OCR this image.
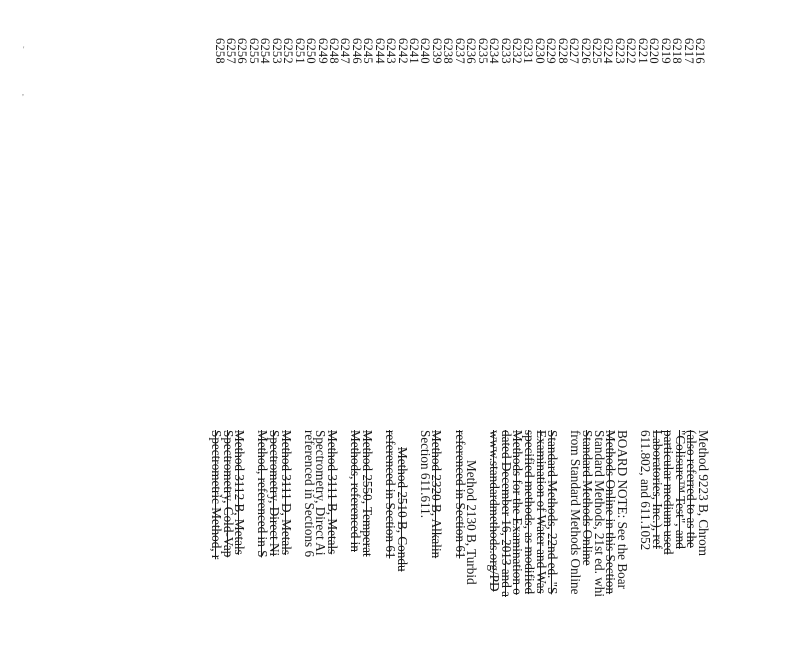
6216
6217
6218
6219
6220
6221
6222
6223
6224
6225
6226
6227
6228
6229
6230
6231
6232
6233
6234
6235
6236
6237
6238
6239
6240
6241
6242
6243
6244
6245
6246
6247
6248
6249
6250
6251
6252
6253
6254
6255
6256
6257
6258
Method 9223 B, Chrom
(also referred to as the
"Colisure™ Test", and
particular medium used
Laboratories, Inc.), ref
611.802, and 611.1052
BOARD NOTE: See the Boar
Methods Online in this Section
Standard Methods, 21st ed. whi
Standard Methods Online
from Standard Methods Online
Standard Methods, 22nd ed. "S
Examination of Water and Was
specified methods, as modified
Methods for the Examination o
dated December 16, 2013 and a
www.standardmethods.org/PD
Method 2130 B, Turbid
referenced in Section 61
Method 2320 B, Alkalin
Section 611.611.
Method 2510 B, Condu
referenced in Section 61
Method 2550, Temperat
Methods, referenced in
Method 3111 B, Metals
Spectrometry, Direct Ai
referenced in Sections 6
Method 3111 D, Metals
Spectrometry, Direct Ni
Method, referenced in S
Method 3112 B, Metals
Spectrometry, Cold-Vap
Spectrometric Method, r
'
,
